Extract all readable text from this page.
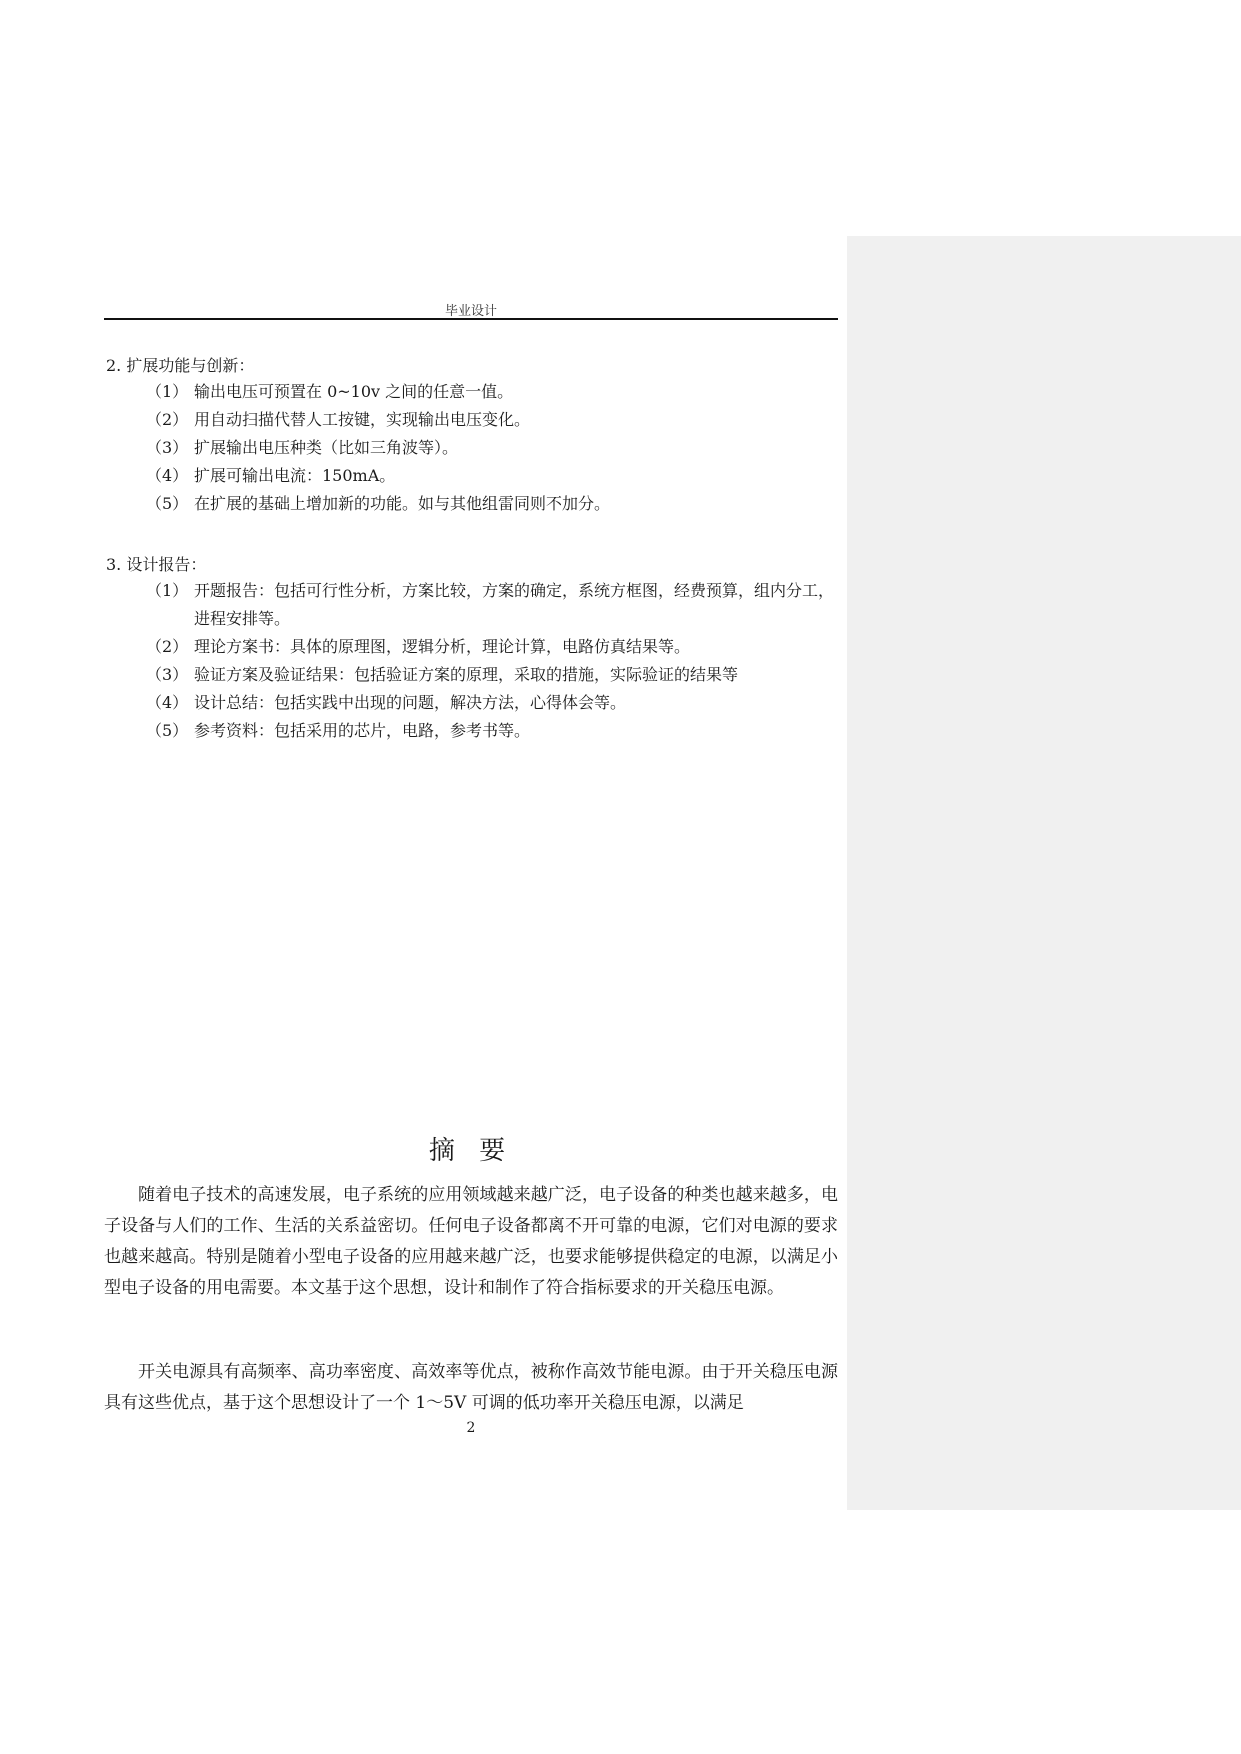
毕业设计
2. 扩展功能与创新：
（1） 输出电压可预置在 0~10v 之间的任意一值。
（2） 用自动扫描代替人工按键，实现输出电压变化。
（3） 扩展输出电压种类（比如三角波等）。
（4） 扩展可输出电流：150mA。
（5） 在扩展的基础上增加新的功能。如与其他组雷同则不加分。
3. 设计报告：
（1） 开题报告：包括可行性分析，方案比较，方案的确定，系统方框图，经费预算，组内分工，进程安排等。
（2） 理论方案书：具体的原理图，逻辑分析，理论计算，电路仿真结果等。
（3） 验证方案及验证结果：包括验证方案的原理，采取的措施，实际验证的结果等
（4） 设计总结：包括实践中出现的问题，解决方法，心得体会等。
（5） 参考资料：包括采用的芯片，电路，参考书等。
摘 要

随着电子技术的高速发展，电子系统的应用领域越来越广泛，电子设备的种类也越来越多，电子设备与人们的工作、生活的关系益密切。任何电子设备都离不开可靠的电源，它们对电源的要求也越来越高。特别是随着小型电子设备的应用越来越广泛，也要求能够提供稳定的电源，以满足小型电子设备的用电需要。本文基于这个思想，设计和制作了符合指标要求的开关稳压电源。

开关电源具有高频率、高功率密度、高效率等优点，被称作高效节能电源。由于开关稳压电源具有这些优点，基于这个思想设计了一个 1～5V 可调的低功率开关稳压电源，以满足

2
